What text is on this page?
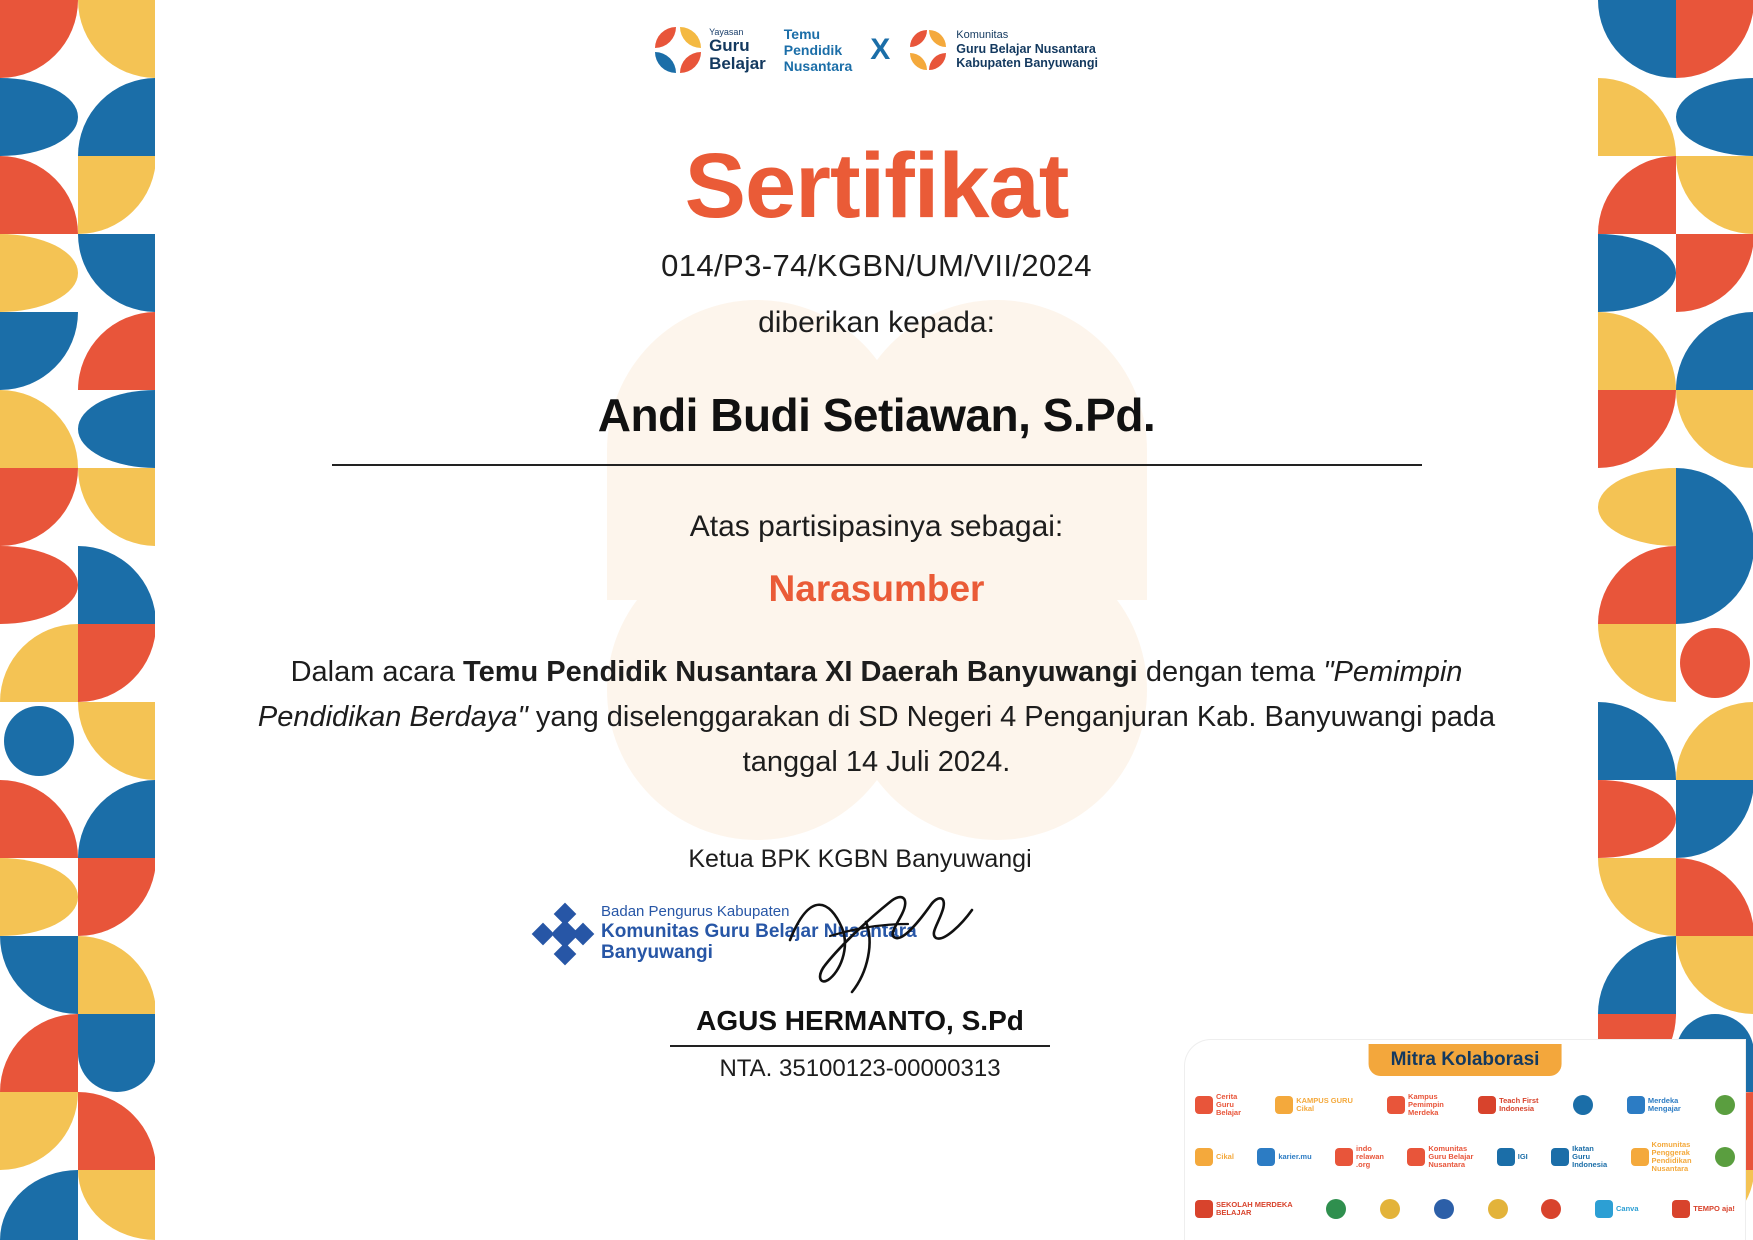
Yayasan
Guru
Belajar
Temu
Pendidik
Nusantara
X	Komunitas
Guru Belajar Nusantara
Kabupaten Banyuwangi
Sertifikat
014/P3-74/KGBN/UM/VII/2024
diberikan kepada:
Andi Budi Setiawan, S.Pd.
Atas partisipasinya sebagai:
Narasumber
Dalam acara Temu Pendidik Nusantara XI Daerah Banyuwangi dengan tema "Pemimpin Pendidikan Berdaya" yang diselenggarakan di SD Negeri 4 Penganjuran Kab. Banyuwangi pada tanggal 14 Juli 2024.
Ketua BPK KGBN Banyuwangi
Badan Pengurus Kabupaten
Komunitas Guru Belajar Nusantara
Banyuwangi
AGUS HERMANTO, S.Pd
NTA. 35100123-00000313	Mitra Kolaborasi
Cerita
Guru
Belajar
KAMPUS GURU
Cikal
Kampus
Pemimpin
Merdeka
Teach First
Indonesia
Merdeka
Mengajar
Cikal	karier.mu
indo
relawan
.org
Komunitas
Guru Belajar
Nusantara
IGI
Ikatan
Guru
Indonesia
Komunitas
Penggerak
Pendidikan
Nusantara
SEKOLAH MERDEKA
BELAJAR	Canva	TEMPO aja!
